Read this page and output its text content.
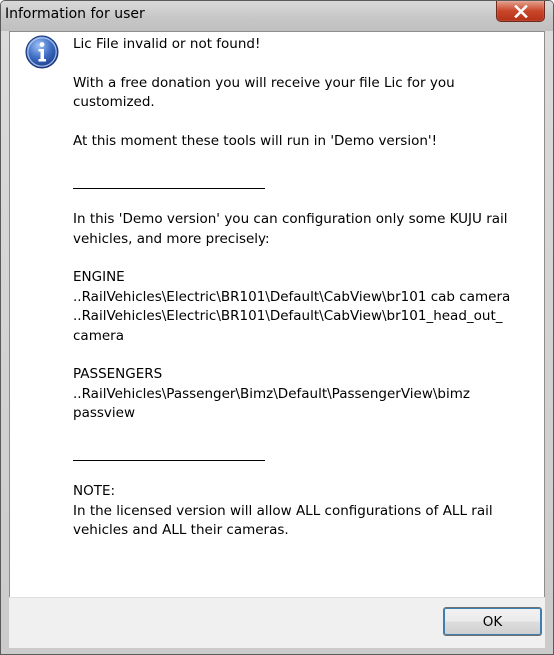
Information for user
Lic File invalid or not found!
With a free donation you will receive your file Lic for you customized.
At this moment these tools will run in 'Demo version'!
In this 'Demo version' you can configuration only some KUJU rail vehicles, and more precisely:
ENGINE
..RailVehicles\Electric\BR101\Default\CabView\br101 cab camera
..RailVehicles\Electric\BR101\Default\CabView\br101_head_out_ camera
PASSENGERS
..RailVehicles\Passenger\Bimz\Default\PassengerView\bimz passview
NOTE:
In the licensed version will allow ALL configurations of ALL rail vehicles and ALL their cameras.
OK
